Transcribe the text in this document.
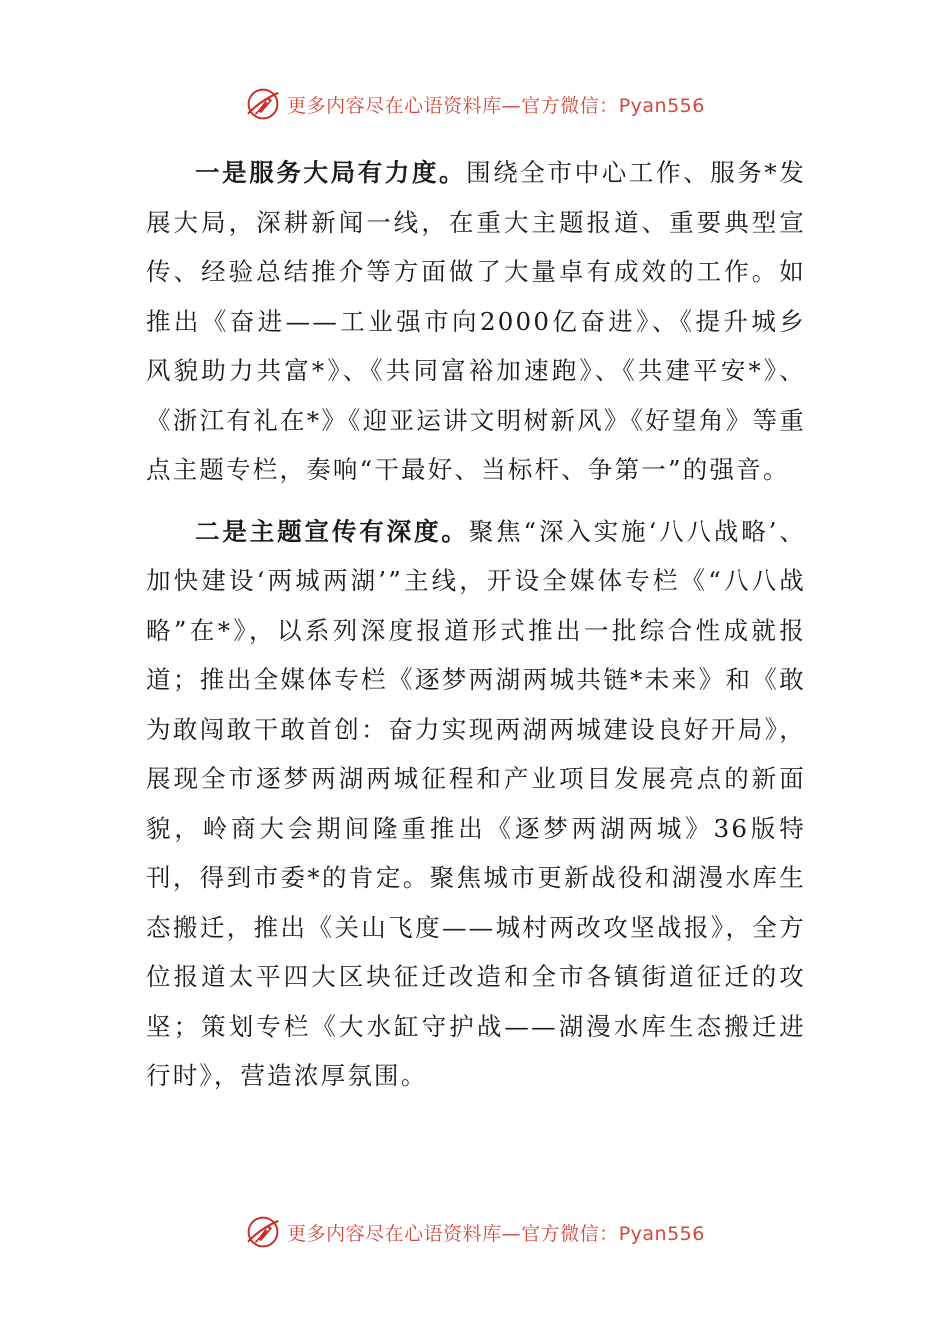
更多内容尽在心语资料库—官方微信：Pyan556

一是服务大局有力度。围绕全市中心工作、服务*发展大局，深耕新闻一线，在重大主题报道、重要典型宣传、经验总结推介等方面做了大量卓有成效的工作。如推出《奋进——工业强市向2000亿奋进》、《提升城乡风貌助力共富*》、《共同富裕加速跑》、《共建平安*》、《浙江有礼在*》《迎亚运讲文明树新风》《好望角》等重点主题专栏，奏响“干最好、当标杆、争第一”的强音。

二是主题宣传有深度。聚焦“深入实施‘八八战略’、加快建设‘两城两湖’”主线，开设全媒体专栏《“八八战略”在*》，以系列深度报道形式推出一批综合性成就报道；推出全媒体专栏《逐梦两湖两城共链*未来》和《敢为敢闯敢干敢首创：奋力实现两湖两城建设良好开局》，展现全市逐梦两湖两城征程和产业项目发展亮点的新面貌，岭商大会期间隆重推出《逐梦两湖两城》36版特刊，得到市委*的肯定。聚焦城市更新战役和湖漫水库生态搬迁，推出《关山飞度——城村两改攻坚战报》，全方位报道太平四大区块征迁改造和全市各镇街道征迁的攻坚；策划专栏《大水缸守护战——湖漫水库生态搬迁进行时》，营造浓厚氛围。

更多内容尽在心语资料库—官方微信：Pyan556
